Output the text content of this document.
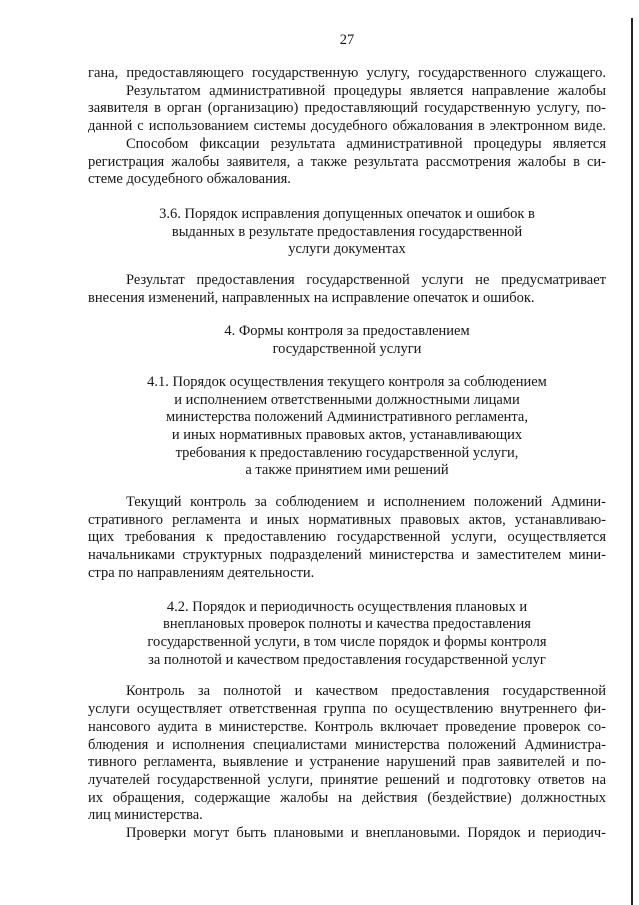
27
гана, предоставляющего государственную услугу, государственного служащего.
Результатом административной процедуры является направление жалобы
заявителя в орган (организацию) предоставляющий государственную услугу, по-
данной с использованием системы досудебного обжалования в электронном виде.
Способом фиксации результата административной процедуры является
регистрация жалобы заявителя, а также результата рассмотрения жалобы в си-
стеме досудебного обжалования.
3.6. Порядок исправления допущенных опечаток и ошибок в
выданных в результате предоставления государственной
услуги документах
Результат предоставления государственной услуги не предусматривает
внесения изменений, направленных на исправление опечаток и ошибок.
4. Формы контроля за предоставлением
государственной услуги
4.1. Порядок осуществления текущего контроля за соблюдением
и исполнением ответственными должностными лицами
министерства положений Административного регламента,
и иных нормативных правовых актов, устанавливающих
требования к предоставлению государственной услуги,
а также принятием ими решений
Текущий контроль за соблюдением и исполнением положений Админи-
стративного регламента и иных нормативных правовых актов, устанавливаю-
щих требования к предоставлению государственной услуги, осуществляется
начальниками структурных подразделений министерства и заместителем мини-
стра по направлениям деятельности.
4.2. Порядок и периодичность осуществления плановых и
внеплановых проверок полноты и качества предоставления
государственной услуги, в том числе порядок и формы контроля
за полнотой и качеством предоставления государственной услуг
Контроль за полнотой и качеством предоставления государственной
услуги осуществляет ответственная группа по осуществлению внутреннего фи-
нансового аудита в министерстве. Контроль включает проведение проверок со-
блюдения и исполнения специалистами министерства положений Администра-
тивного регламента, выявление и устранение нарушений прав заявителей и по-
лучателей государственной услуги, принятие решений и подготовку ответов на
их обращения, содержащие жалобы на действия (бездействие) должностных
лиц министерства.
Проверки могут быть плановыми и внеплановыми. Порядок и периодич-
